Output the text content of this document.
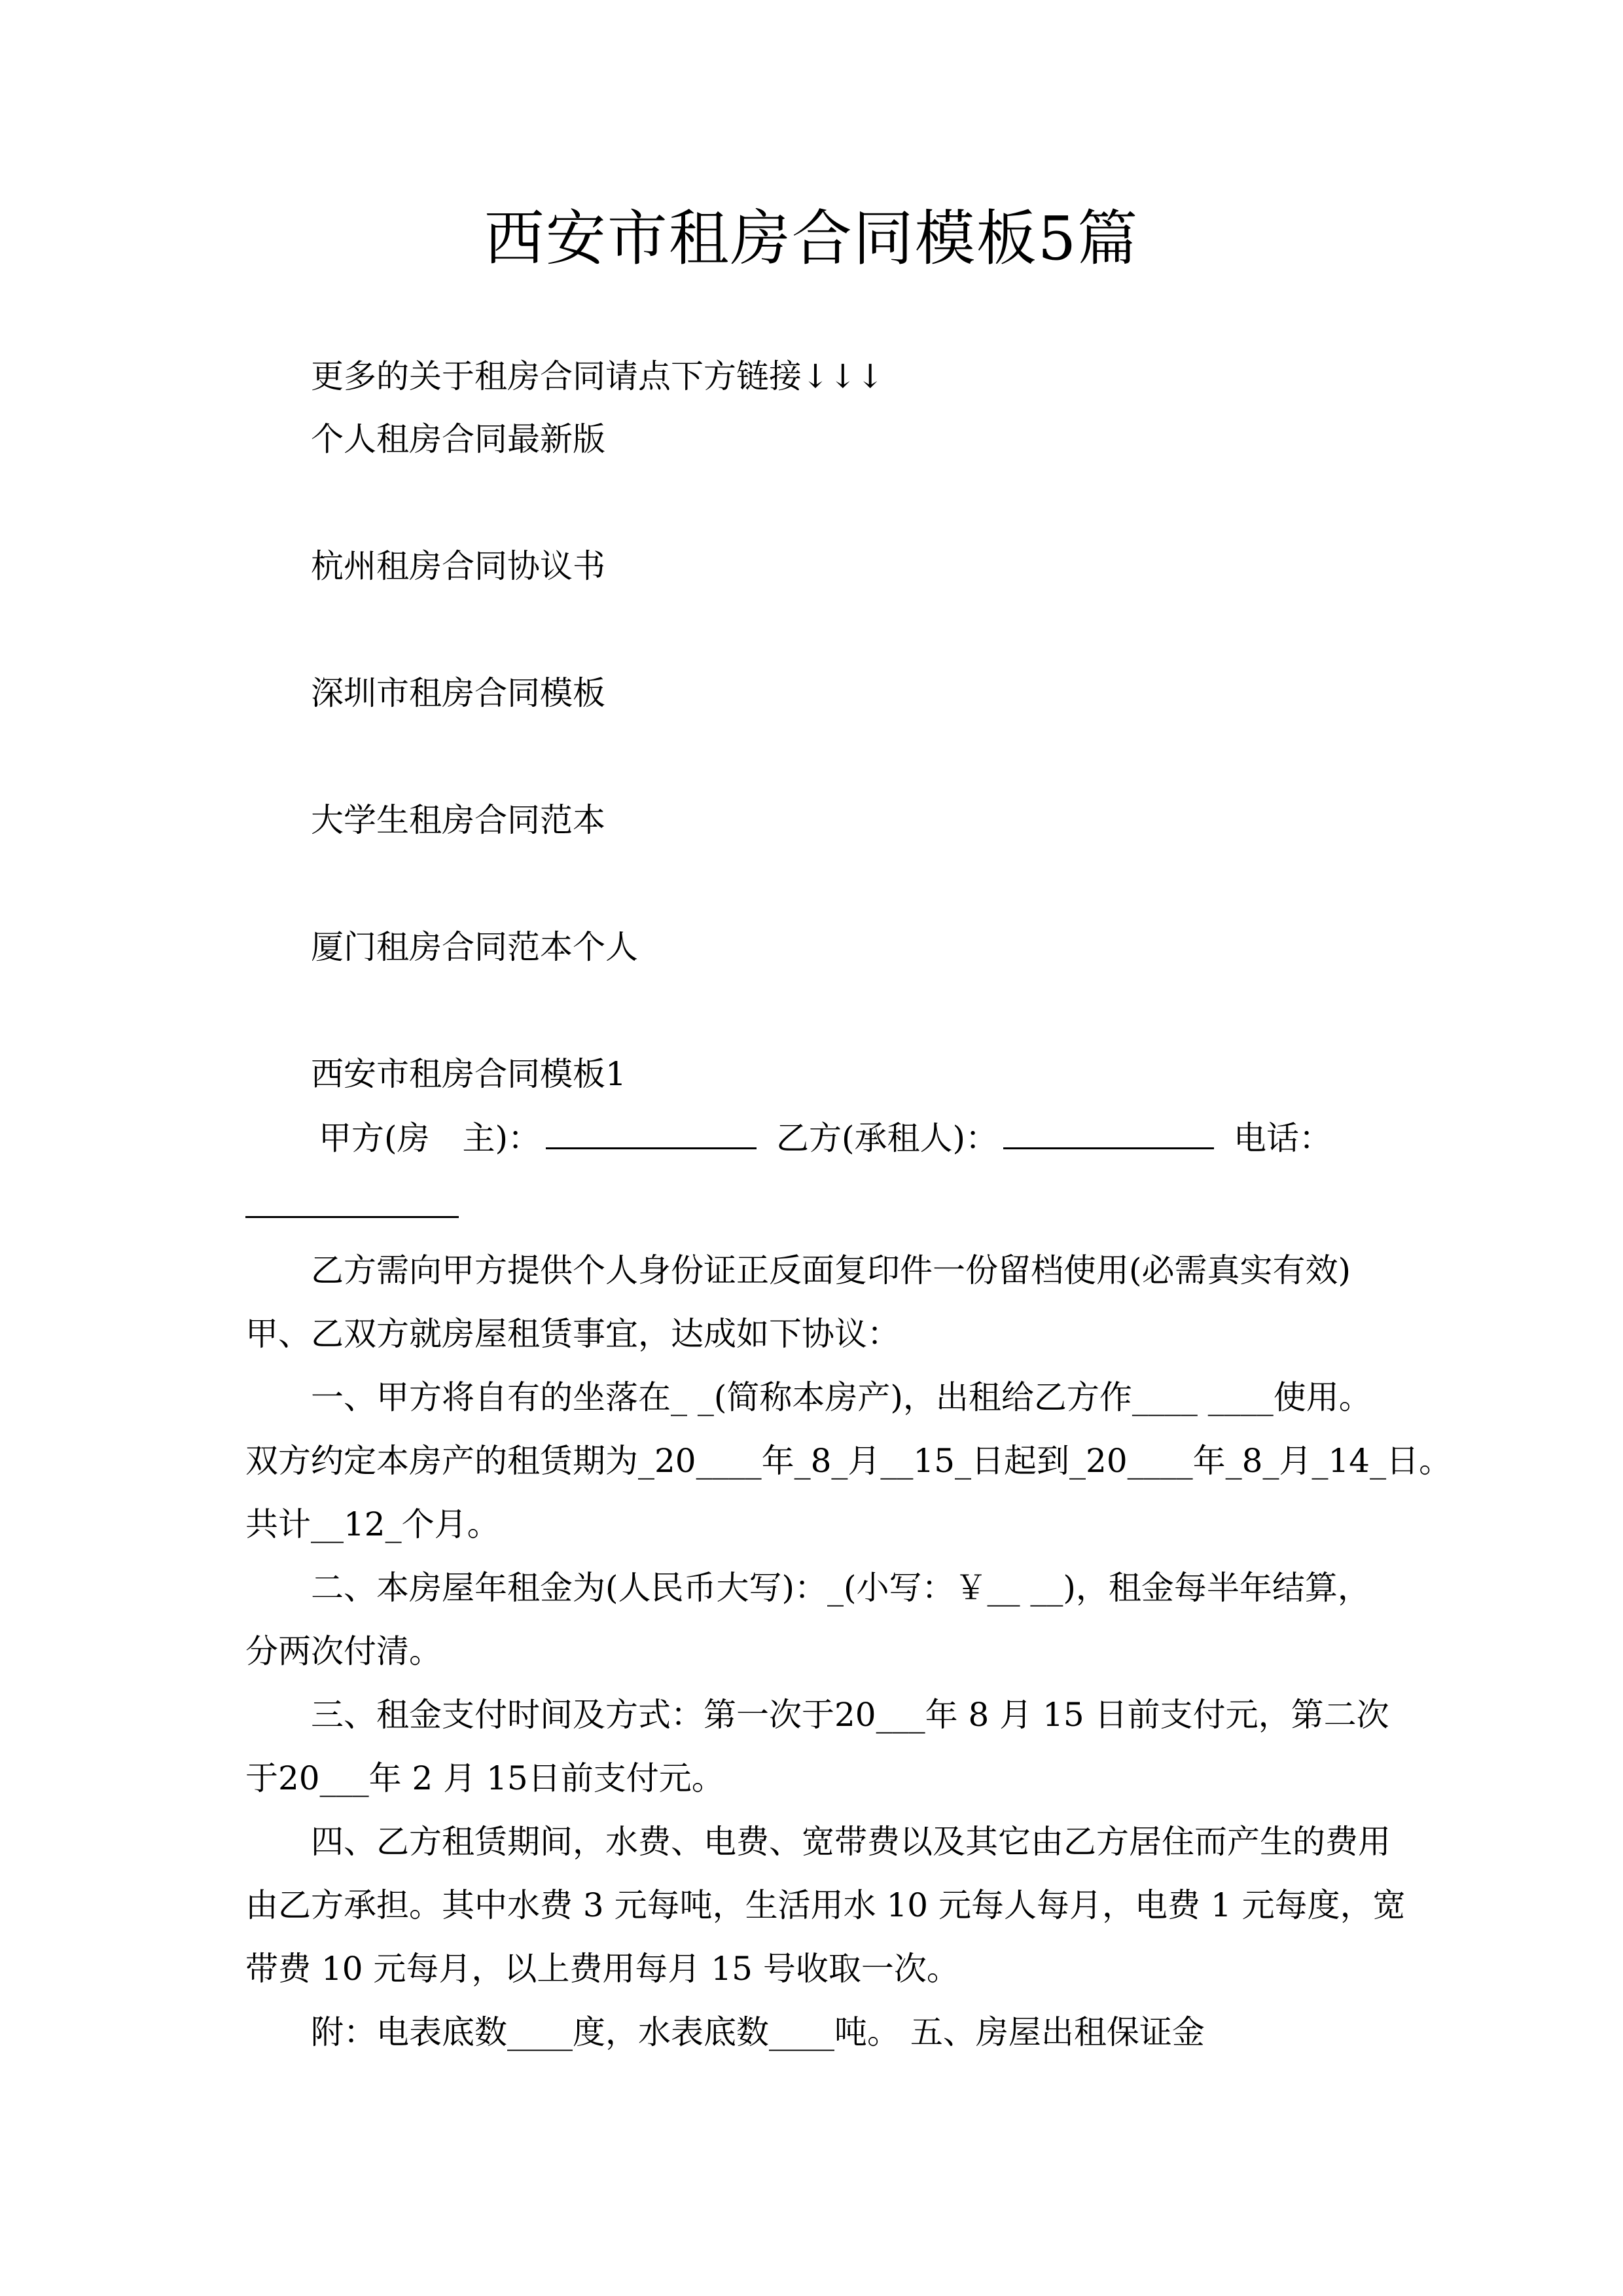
西安市租房合同模板5篇
更多的关于租房合同请点下方链接↓↓↓
个人租房合同最新版
杭州租房合同协议书
深圳市租房合同模板
大学生租房合同范本
厦门租房合同范本个人
西安市租房合同模板1
甲方(房　主)：	乙方(承租人)：	电话：
乙方需向甲方提供个人身份证正反面复印件一份留档使用(必需真实有效)
甲、乙双方就房屋租赁事宜，达成如下协议：
一、甲方将自有的坐落在_ _(简称本房产)，出租给乙方作____ ____使用。
双方约定本房产的租赁期为_20____年_8_月__15_日起到_20____年_8_月_14_日。
共计__12_个月。
二、本房屋年租金为(人民币大写)：_(小写：￥__ __)，租金每半年结算，
分两次付清。
三、租金支付时间及方式：第一次于20___年 8 月 15 日前支付元，第二次
于20___年 2 月 15日前支付元。
四、乙方租赁期间，水费、电费、宽带费以及其它由乙方居住而产生的费用
由乙方承担。其中水费 3 元每吨，生活用水 10 元每人每月，电费 1 元每度，宽
带费 10 元每月，以上费用每月 15 号收取一次。
附：电表底数____度，水表底数____吨。 五、房屋出租保证金
